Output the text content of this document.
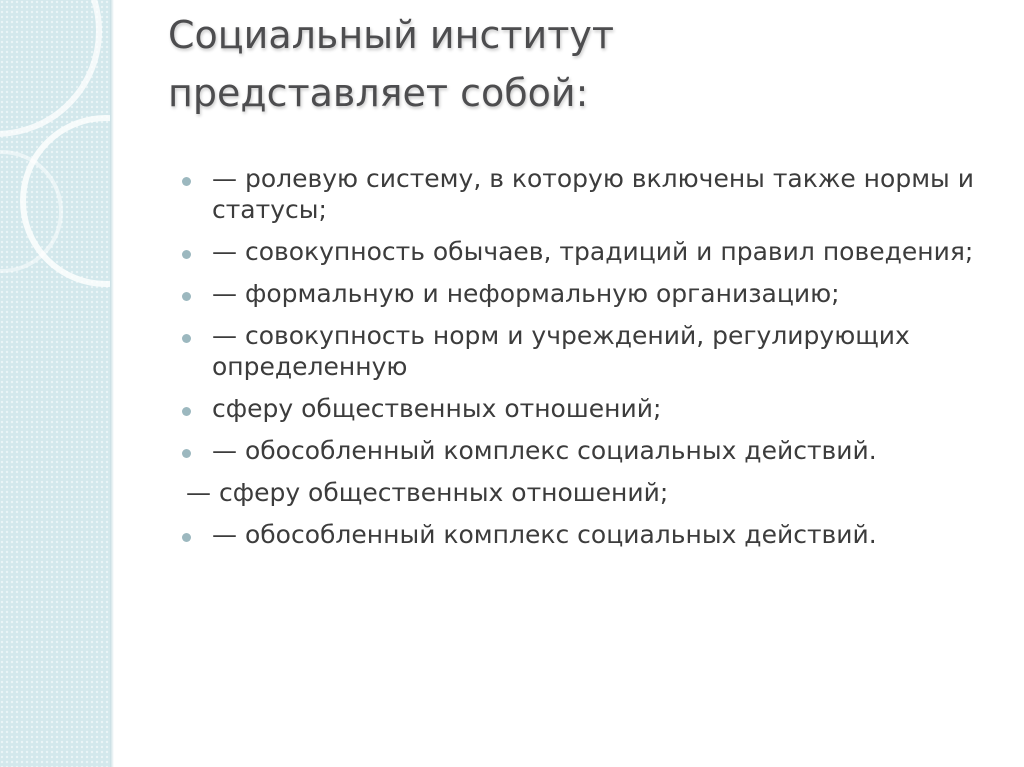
Социальный институт
представляет собой:
— ролевую систему, в которую включены также нормы и статусы;
— совокупность обычаев, традиций и правил поведения;
— формальную и неформальную организацию;
— совокупность норм и учреждений, регулирующих определенную
сферу общественных отношений;
— обособленный комплекс социальных действий.
— сферу общественных отношений;
— обособленный комплекс социальных действий.
